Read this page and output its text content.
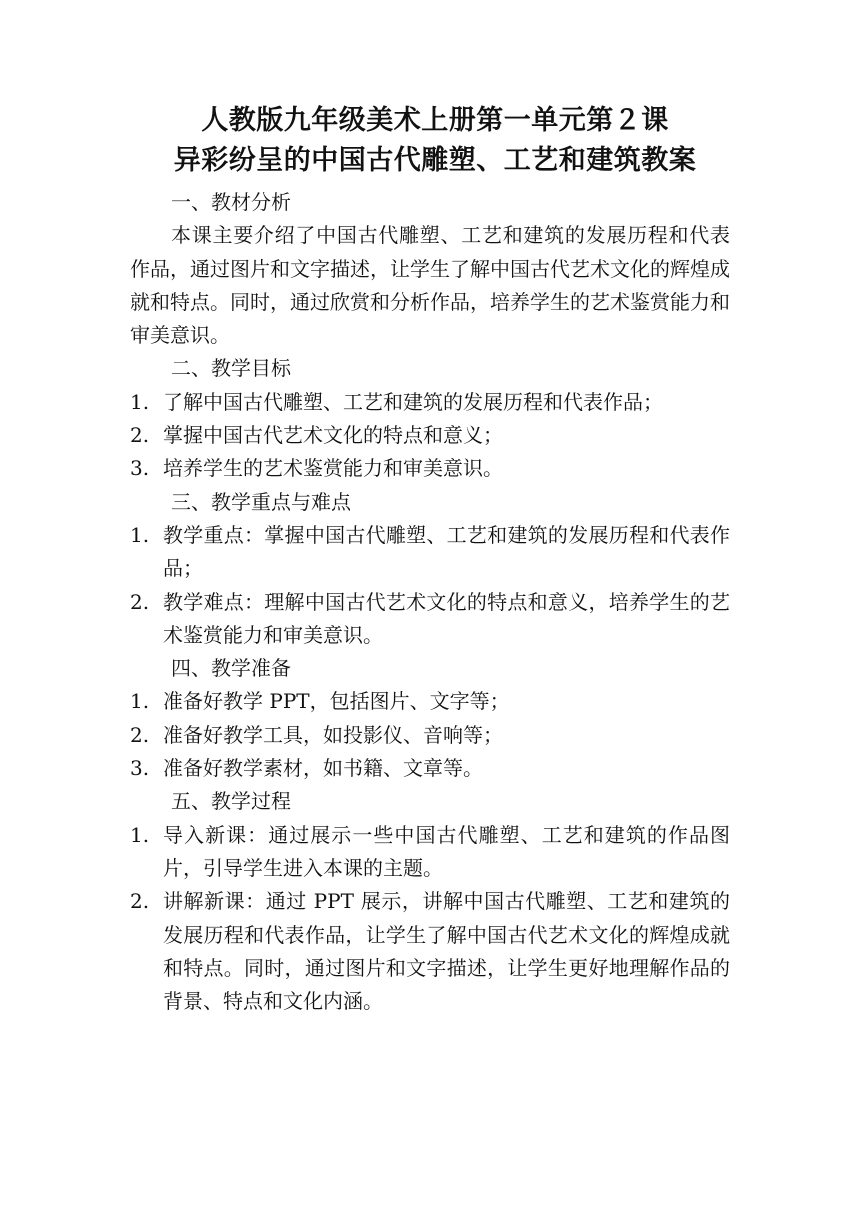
人教版九年级美术上册第一单元第２课
异彩纷呈的中国古代雕塑、工艺和建筑教案
一、教材分析
本课主要介绍了中国古代雕塑、工艺和建筑的发展历程和代表作品，通过图片和文字描述，让学生了解中国古代艺术文化的辉煌成就和特点。同时，通过欣赏和分析作品，培养学生的艺术鉴赏能力和审美意识。
二、教学目标
1. 了解中国古代雕塑、工艺和建筑的发展历程和代表作品；
2. 掌握中国古代艺术文化的特点和意义；
3. 培养学生的艺术鉴赏能力和审美意识。
三、教学重点与难点
1. 教学重点：掌握中国古代雕塑、工艺和建筑的发展历程和代表作品；
2. 教学难点：理解中国古代艺术文化的特点和意义，培养学生的艺术鉴赏能力和审美意识。
四、教学准备
1. 准备好教学 PPT，包括图片、文字等；
2. 准备好教学工具，如投影仪、音响等；
3. 准备好教学素材，如书籍、文章等。
五、教学过程
1. 导入新课：通过展示一些中国古代雕塑、工艺和建筑的作品图片，引导学生进入本课的主题。
2. 讲解新课：通过 PPT 展示，讲解中国古代雕塑、工艺和建筑的发展历程和代表作品，让学生了解中国古代艺术文化的辉煌成就和特点。同时，通过图片和文字描述，让学生更好地理解作品的背景、特点和文化内涵。
